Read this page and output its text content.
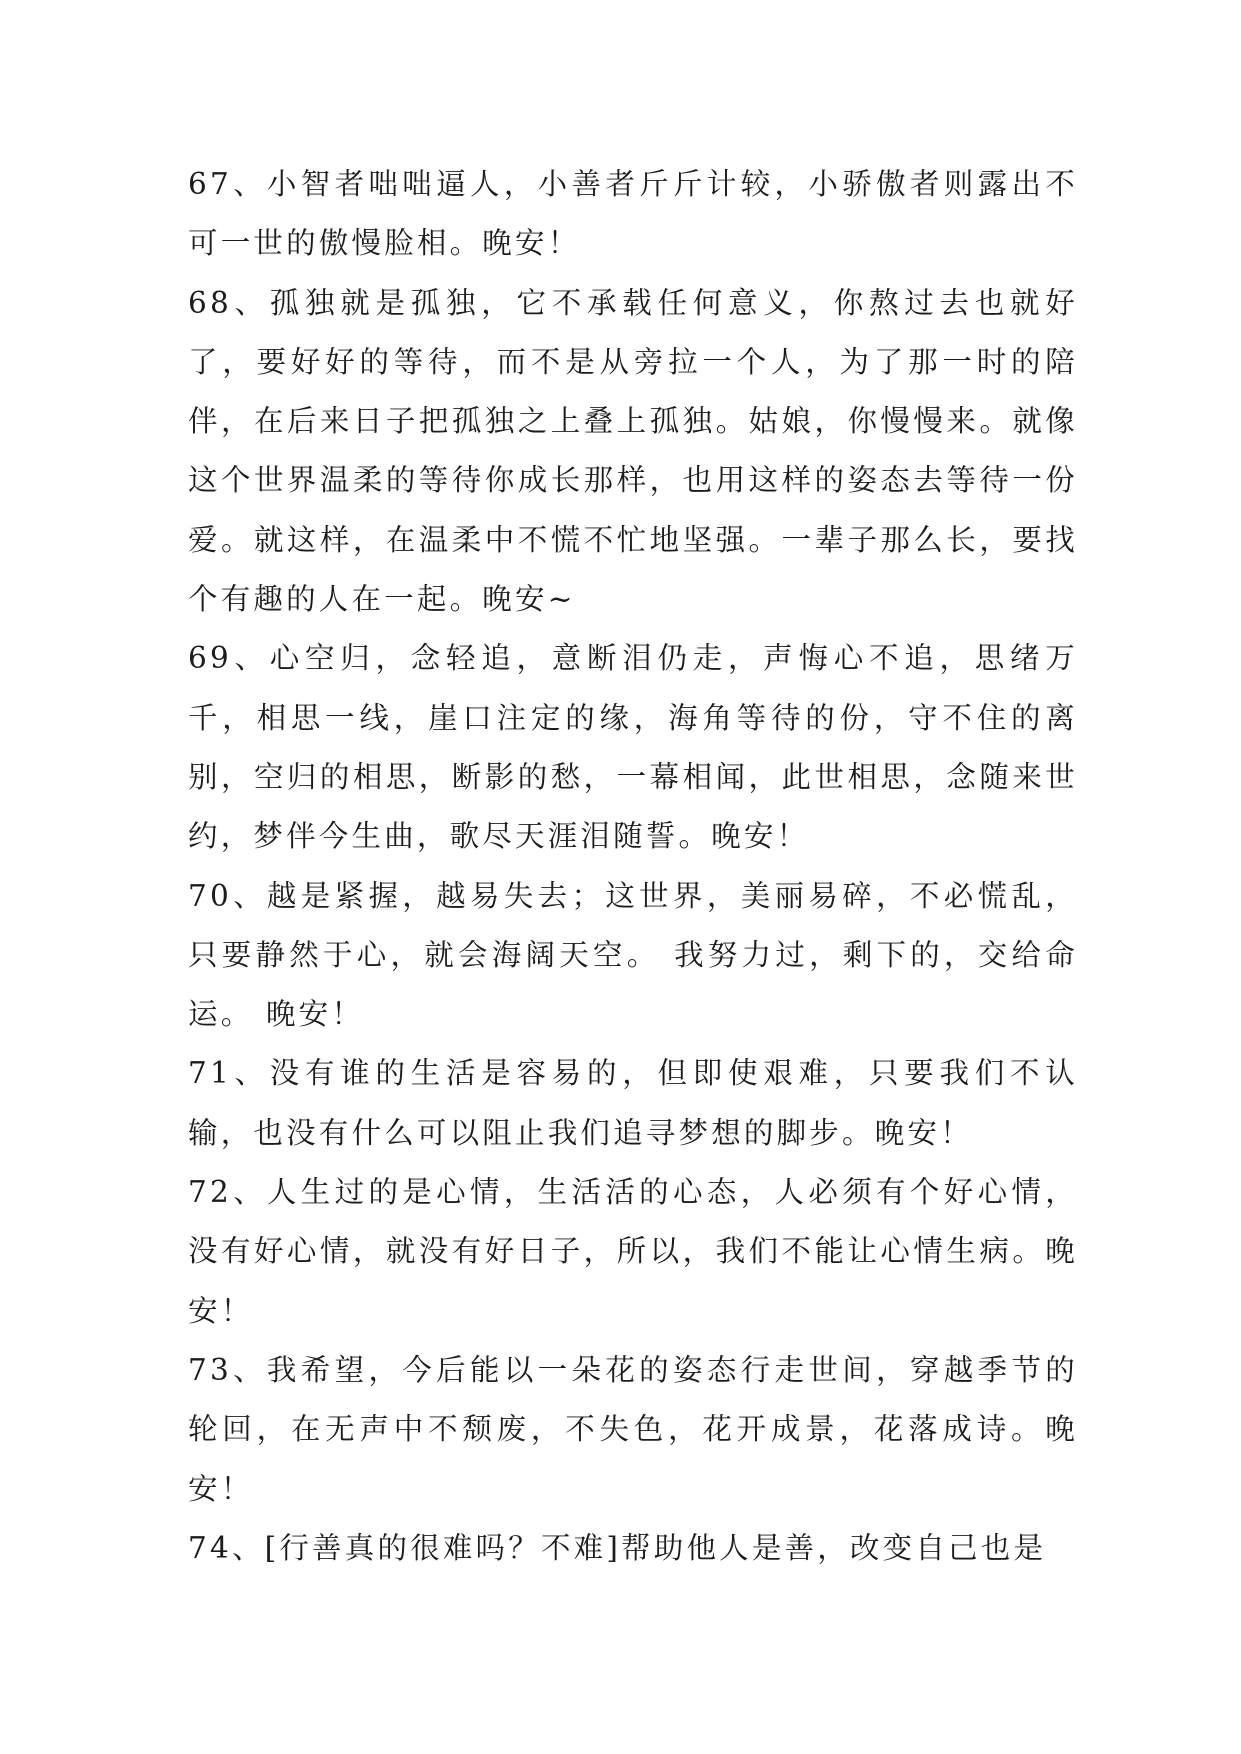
67、小智者咄咄逼人，小善者斤斤计较，小骄傲者则露出不可一世的傲慢脸相。晚安！

68、孤独就是孤独，它不承载任何意义，你熬过去也就好了，要好好的等待，而不是从旁拉一个人，为了那一时的陪伴，在后来日子把孤独之上叠上孤独。姑娘，你慢慢来。就像这个世界温柔的等待你成长那样，也用这样的姿态去等待一份爱。就这样，在温柔中不慌不忙地坚强。一辈子那么长，要找个有趣的人在一起。晚安~

69、心空归，念轻追，意断泪仍走，声悔心不追，思绪万千，相思一线，崖口注定的缘，海角等待的份，守不住的离别，空归的相思，断影的愁，一幕相闻，此世相思，念随来世约，梦伴今生曲，歌尽天涯泪随誓。晚安！

70、越是紧握，越易失去；这世界，美丽易碎，不必慌乱，只要静然于心，就会海阔天空。 我努力过，剩下的，交给命运。 晚安！

71、没有谁的生活是容易的，但即使艰难，只要我们不认输，也没有什么可以阻止我们追寻梦想的脚步。晚安！

72、人生过的是心情，生活活的心态，人必须有个好心情，没有好心情，就没有好日子，所以，我们不能让心情生病。晚安！

73、我希望，今后能以一朵花的姿态行走世间，穿越季节的轮回，在无声中不颓废，不失色，花开成景，花落成诗。晚安！

74、[行善真的很难吗？不难]帮助他人是善，改变自己也是
